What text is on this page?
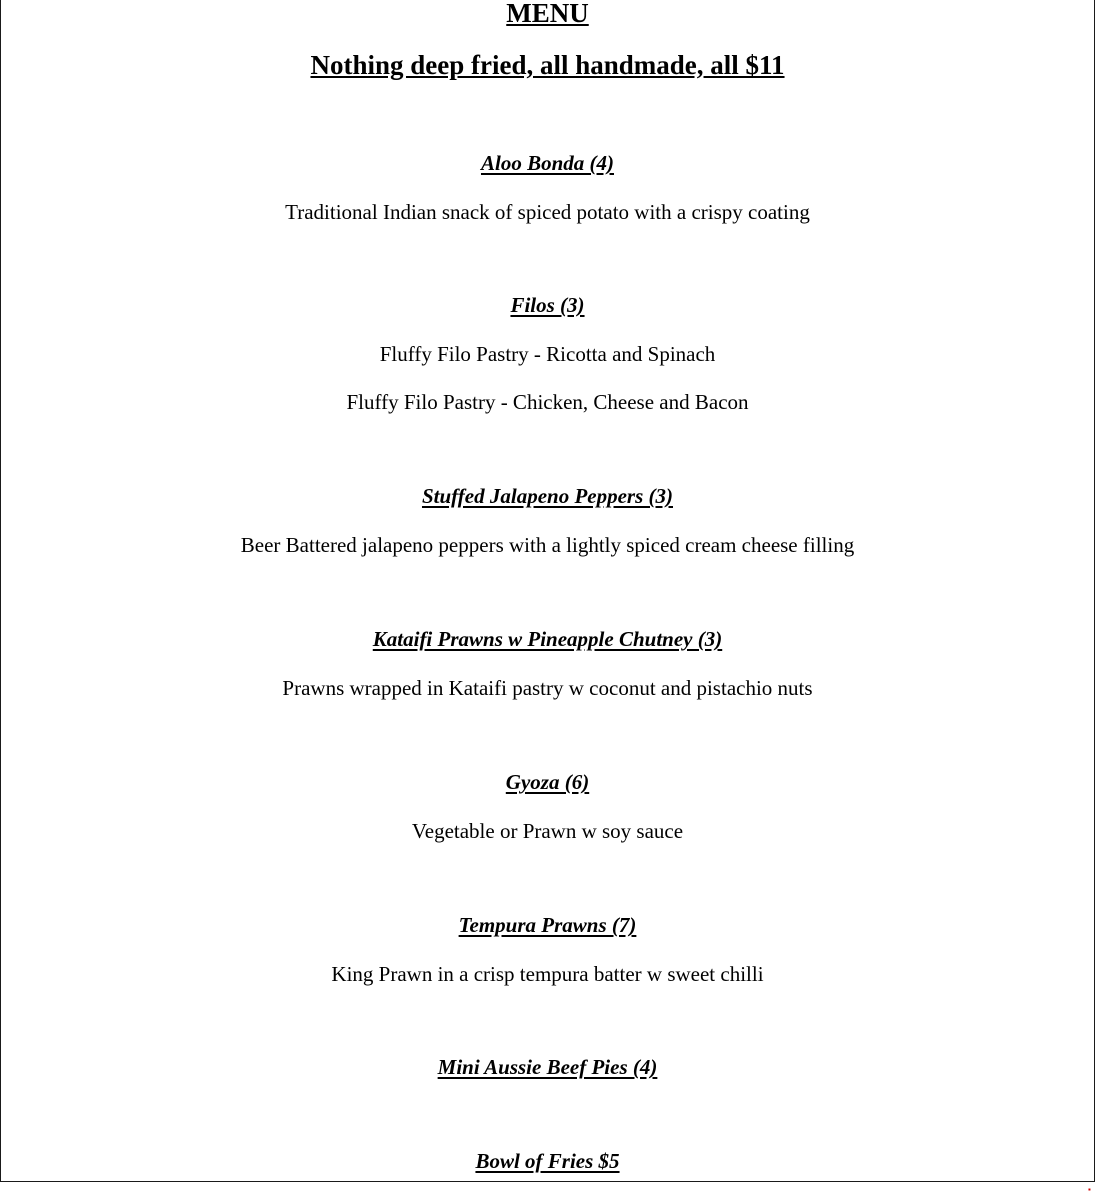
MENU
Nothing deep fried, all handmade, all $11
Aloo Bonda (4)
Traditional Indian snack of spiced potato with a crispy coating
Filos (3)
Fluffy Filo Pastry - Ricotta and Spinach
Fluffy Filo Pastry - Chicken, Cheese and Bacon
Stuffed Jalapeno Peppers (3)
Beer Battered jalapeno peppers with a lightly spiced cream cheese filling
Kataifi Prawns w Pineapple Chutney (3)
Prawns wrapped in Kataifi pastry w coconut and pistachio nuts
Gyoza (6)
Vegetable or Prawn w soy sauce
Tempura Prawns (7)
King Prawn in a crisp tempura batter w sweet chilli
Mini Aussie Beef Pies (4)
Bowl of Fries $5
▪
